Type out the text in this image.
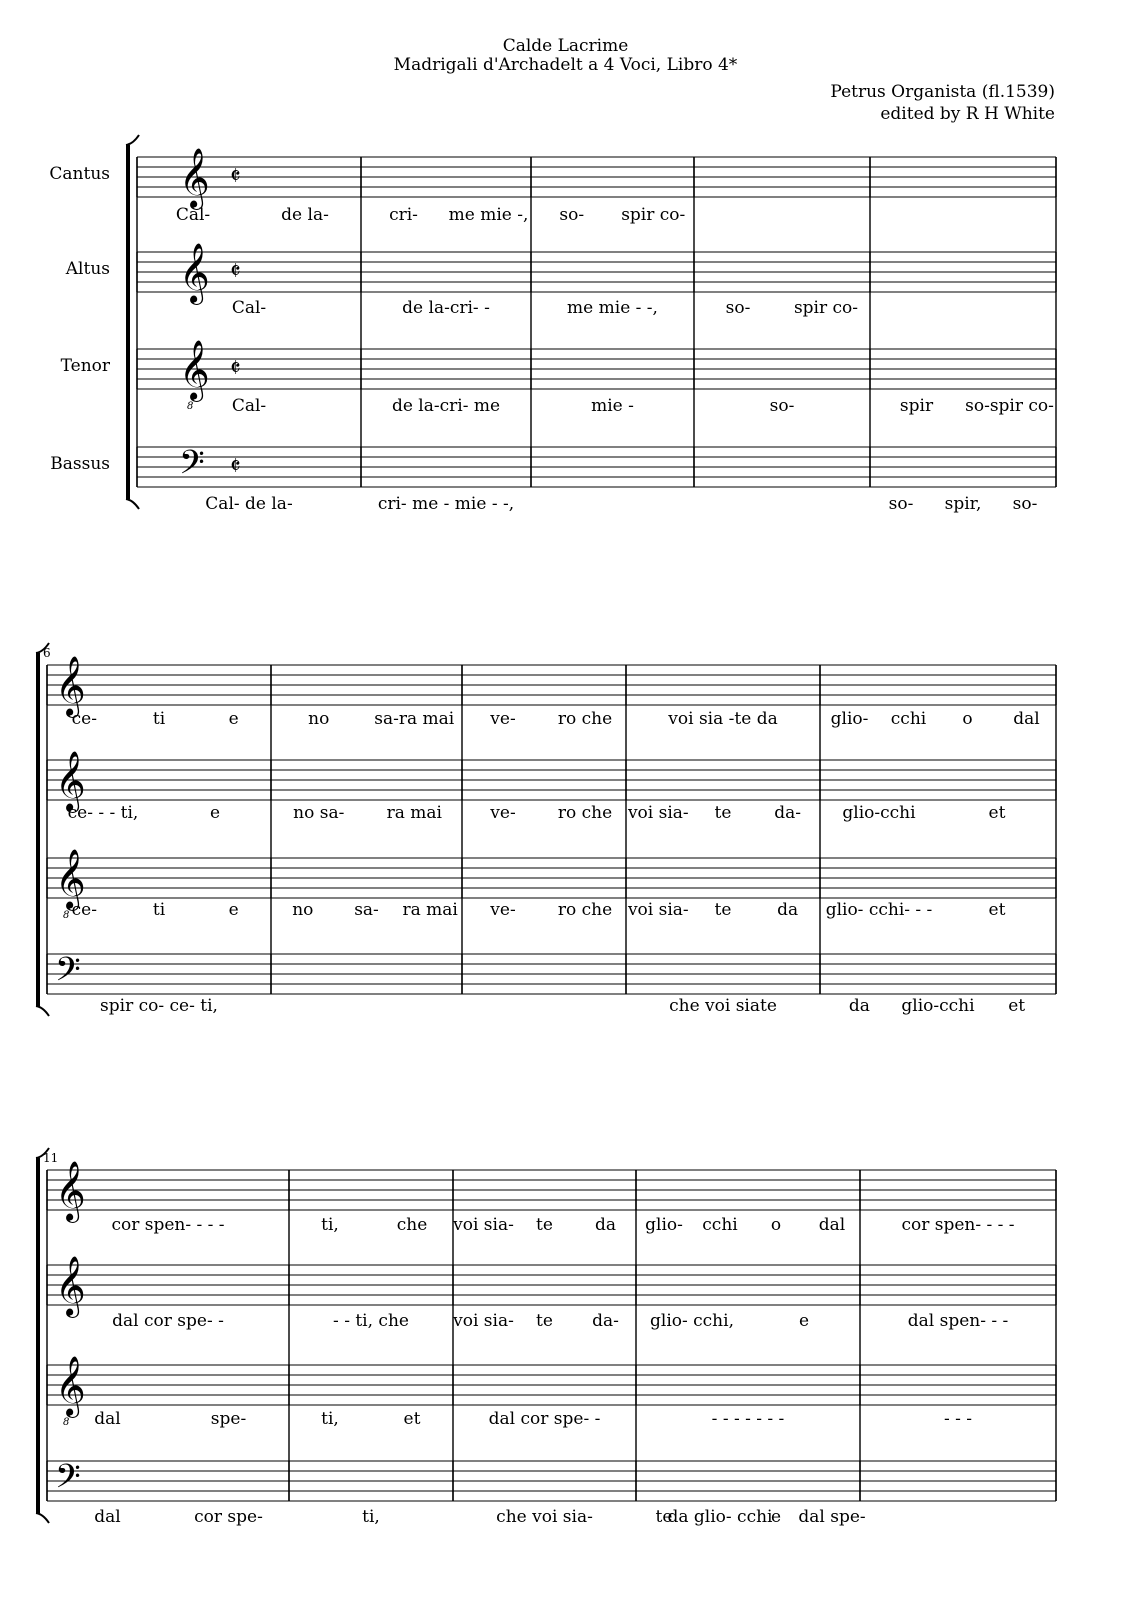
Calde Lacrime
Madrigali d'Archadelt a 4 Voci, Libro 4*
Petrus Organista (fl.1539)
edited by R H White
Cantus 𝄞 𝄵
Cal-	de la-	cri- me mie -, so- spir co-
Altus 𝄞 𝄵
Cal-	de la-cri- -	me mie - -,	so-	spir co-
Tenor 𝄞
8
𝄵
Cal-	de la-cri- me	mie -	so-	spir so-spir co-
Bassus 𝄢 𝄵
Cal- de la-	cri- me - mie - -,	so- spir, so-
6
𝄞
ce-	ti	e	no	sa-ra mai ve- ro che	voi sia -te da	glio- cchi o dal
𝄞
ce- - - ti,	e	no sa- ra mai	ve- ro che voi sia- te	da- glio-cchi	et
𝄞
8 ce-	ti	e	no sa- ra mai ve- ro che voi sia- te	da glio- cchi- - -	et
𝄢
spir co- ce- ti,	che voi siate	da glio-cchi et
11
𝄞
cor spen- - - -	ti,	che voi sia- te da glio- cchi o dal	cor spen- - - -
𝄞
dal cor spe- -	- - ti, che	voi sia- te da- glio- cchi,	e	dal spen- - -
𝄞
8 dal	spe-	ti,	et	dal cor spe- -	- - - - - - -	- - -
𝄢
dal	cor spe-	ti,	che voi sia-	te
da glio- cchi
e dal spe-
